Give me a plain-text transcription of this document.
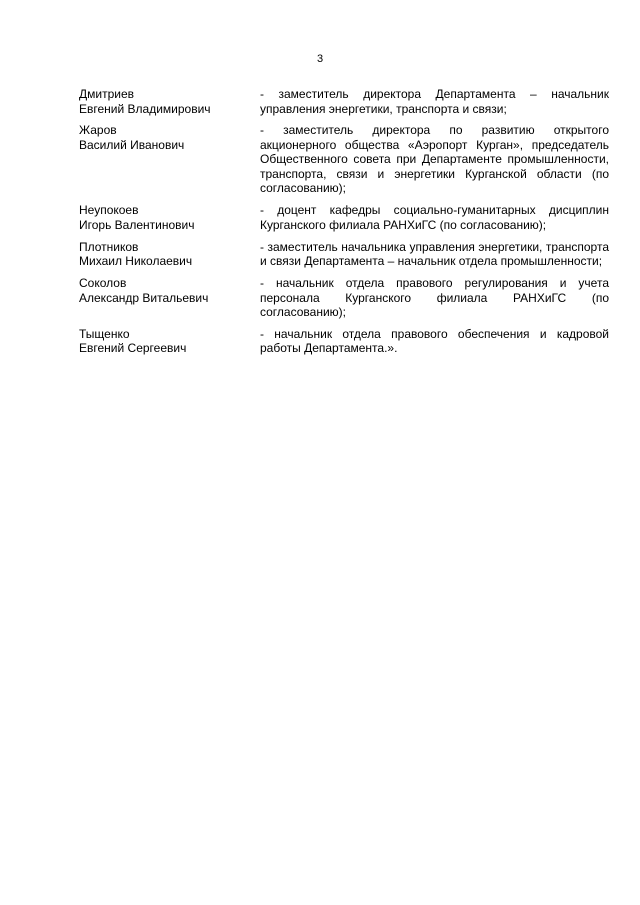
3
Дмитриев
Евгений Владимирович

- заместитель директора Департамента – начальник управления энергетики, транспорта и связи;

Жаров
Василий Иванович

- заместитель директора по развитию открытого акционерного общества «Аэропорт Курган», председатель Общественного совета при Департаменте промышленности, транспорта, связи и энергетики Курганской области (по согласованию);

Неупокоев
Игорь Валентинович

- доцент кафедры социально-гуманитарных дисциплин Курганского филиала РАНХиГС (по согласованию);

Плотников
Михаил Николаевич

- заместитель начальника управления энергетики, транспорта и связи Департамента – начальник отдела промышленности;

Соколов
Александр Витальевич

- начальник отдела правового регулирования и учета персонала Курганского филиала РАНХиГС (по согласованию);

Тыщенко
Евгений Сергеевич

- начальник отдела правового обеспечения и кадровой работы Департамента.».
